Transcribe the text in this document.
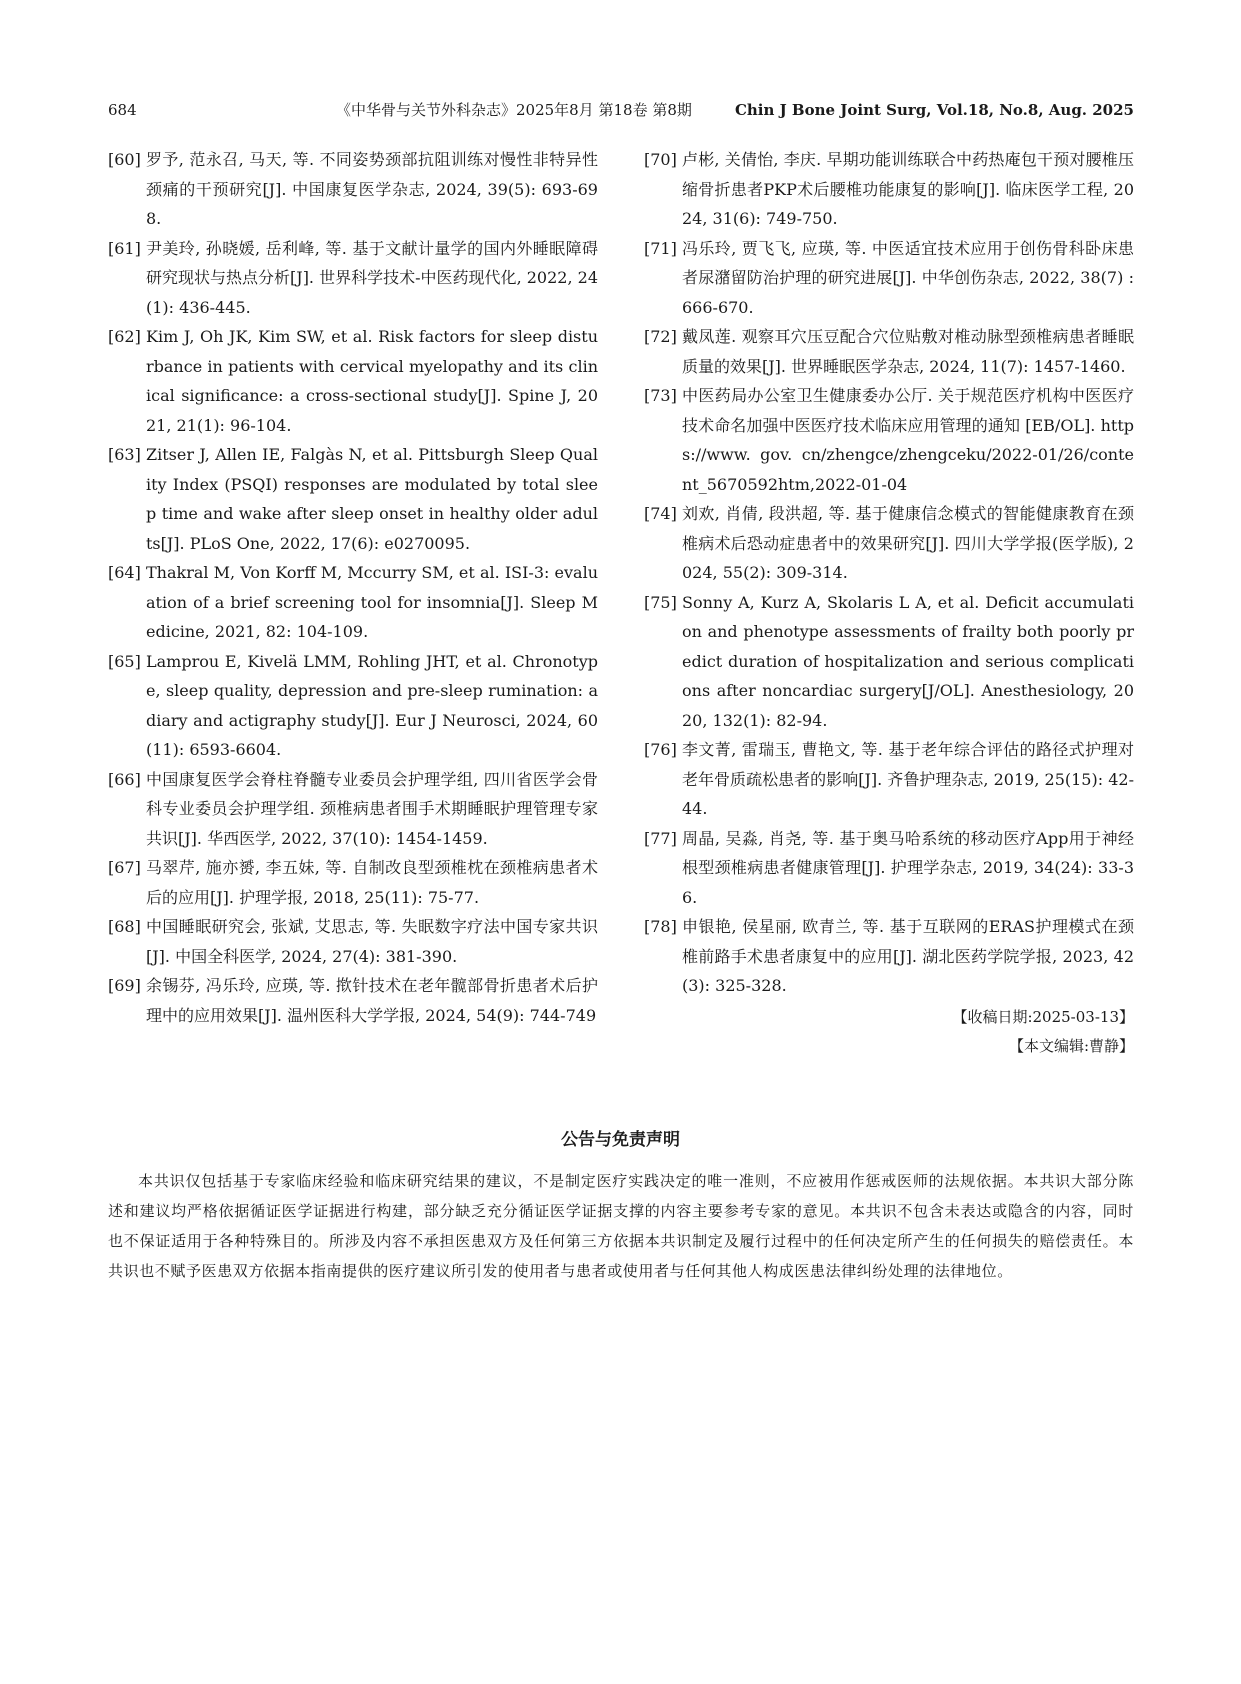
684	《中华骨与关节外科杂志》2025年8月 第18卷 第8期	Chin J Bone Joint Surg, Vol.18, No.8, Aug. 2025

[60] 罗予, 范永召, 马天, 等. 不同姿势颈部抗阻训练对慢性非特异性颈痛的干预研究[J]. 中国康复医学杂志, 2024, 39(5): 693-698.

[61] 尹美玲, 孙晓媛, 岳利峰, 等. 基于文献计量学的国内外睡眠障碍研究现状与热点分析[J]. 世界科学技术-中医药现代化, 2022, 24(1): 436-445.

[62] Kim J, Oh JK, Kim SW, et al. Risk factors for sleep disturbance in patients with cervical myelopathy and its clinical significance: a cross-sectional study[J]. Spine J, 2021, 21(1): 96-104.

[63] Zitser J, Allen IE, Falgàs N, et al. Pittsburgh Sleep Quality Index (PSQI) responses are modulated by total sleep time and wake after sleep onset in healthy older adults[J]. PLoS One, 2022, 17(6): e0270095.

[64] Thakral M, Von Korff M, Mccurry SM, et al. ISI-3: evaluation of a brief screening tool for insomnia[J]. Sleep Medicine, 2021, 82: 104-109.

[65] Lamprou E, Kivelä LMM, Rohling JHT, et al. Chronotype, sleep quality, depression and pre-sleep rumination: a diary and actigraphy study[J]. Eur J Neurosci, 2024, 60(11): 6593-6604.

[66] 中国康复医学会脊柱脊髓专业委员会护理学组, 四川省医学会骨科专业委员会护理学组. 颈椎病患者围手术期睡眠护理管理专家共识[J]. 华西医学, 2022, 37(10): 1454-1459.

[67] 马翠芹, 施亦赟, 李五妹, 等. 自制改良型颈椎枕在颈椎病患者术后的应用[J]. 护理学报, 2018, 25(11): 75-77.

[68] 中国睡眠研究会, 张斌, 艾思志, 等. 失眠数字疗法中国专家共识[J]. 中国全科医学, 2024, 27(4): 381-390.

[69] 余锡芬, 冯乐玲, 应瑛, 等. 揿针技术在老年髋部骨折患者术后护理中的应用效果[J]. 温州医科大学学报, 2024, 54(9): 744-749

[70] 卢彬, 关倩怡, 李庆. 早期功能训练联合中药热庵包干预对腰椎压缩骨折患者PKP术后腰椎功能康复的影响[J]. 临床医学工程, 2024, 31(6): 749-750.

[71] 冯乐玲, 贾飞飞, 应瑛, 等. 中医适宜技术应用于创伤骨科卧床患者尿潴留防治护理的研究进展[J]. 中华创伤杂志, 2022, 38(7) : 666-670.

[72] 戴凤莲. 观察耳穴压豆配合穴位贴敷对椎动脉型颈椎病患者睡眠质量的效果[J]. 世界睡眠医学杂志, 2024, 11(7): 1457-1460.

[73] 中医药局办公室卫生健康委办公厅. 关于规范医疗机构中医医疗技术命名加强中医医疗技术临床应用管理的通知 [EB/OL]. https://www. gov. cn/zhengce/zhengceku/2022-01/26/content_5670592htm,2022-01-04

[74] 刘欢, 肖倩, 段洪超, 等. 基于健康信念模式的智能健康教育在颈椎病术后恐动症患者中的效果研究[J]. 四川大学学报(医学版), 2024, 55(2): 309-314.

[75] Sonny A, Kurz A, Skolaris L A, et al. Deficit accumulation and phenotype assessments of frailty both poorly predict duration of hospitalization and serious complications after noncardiac surgery[J/OL]. Anesthesiology, 2020, 132(1): 82-94.

[76] 李文菁, 雷瑞玉, 曹艳文, 等. 基于老年综合评估的路径式护理对老年骨质疏松患者的影响[J]. 齐鲁护理杂志, 2019, 25(15): 42-44.

[77] 周晶, 吴淼, 肖尧, 等. 基于奥马哈系统的移动医疗App用于神经根型颈椎病患者健康管理[J]. 护理学杂志, 2019, 34(24): 33-36.

[78] 申银艳, 侯星丽, 欧青兰, 等. 基于互联网的ERAS护理模式在颈椎前路手术患者康复中的应用[J]. 湖北医药学院学报, 2023, 42(3): 325-328.

【收稿日期:2025-03-13】
【本文编辑:曹静】
公告与免责声明
本共识仅包括基于专家临床经验和临床研究结果的建议，不是制定医疗实践决定的唯一准则，不应被用作惩戒医师的法规依据。本共识大部分陈述和建议均严格依据循证医学证据进行构建，部分缺乏充分循证医学证据支撑的内容主要参考专家的意见。本共识不包含未表达或隐含的内容，同时也不保证适用于各种特殊目的。所涉及内容不承担医患双方及任何第三方依据本共识制定及履行过程中的任何决定所产生的任何损失的赔偿责任。本共识也不赋予医患双方依据本指南提供的医疗建议所引发的使用者与患者或使用者与任何其他人构成医患法律纠纷处理的法律地位。
